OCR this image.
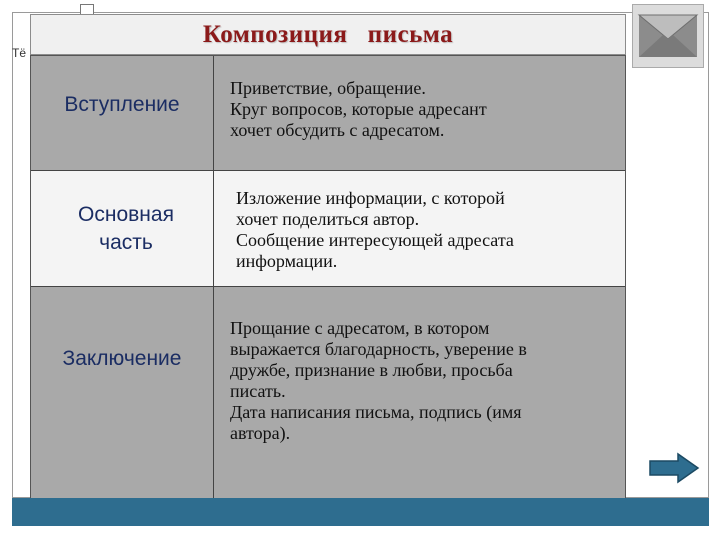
Тё
Композиция   письма
Вступление

Приветствие, обращение.

Круг вопросов, которые адресант

хочет обсудить с адресатом.

Основная
часть

Изложение информации, с которой

хочет поделиться автор.

Сообщение интересующей адресата

информации.

Заключение

Прощание с адресатом, в котором

выражается благодарность, уверение в

дружбе, признание в любви, просьба

писать.

Дата написания письма, подпись (имя

автора).
